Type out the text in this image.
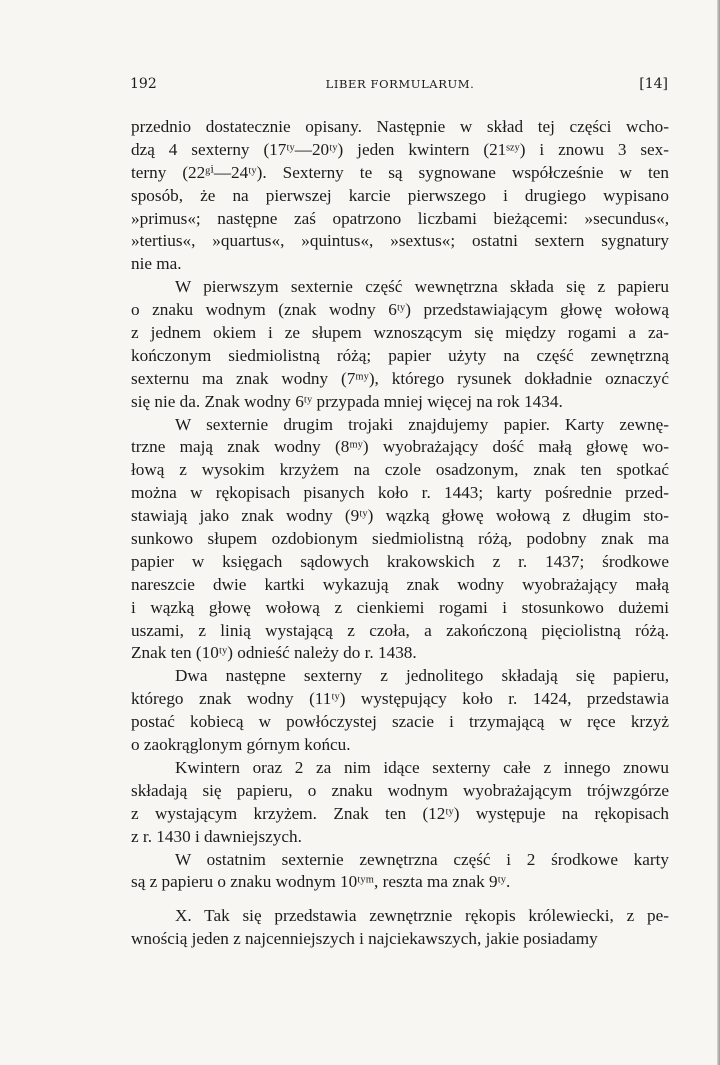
192	LIBER FORMULARUM.	[14]
przednio dostatecznie opisany. Następnie w skład tej części wcho-
dzą 4 sexterny (17ᵗʸ—20ᵗʸ) jeden kwintern (21ˢᶻʸ) i znowu 3 sex-
terny (22ᵍⁱ—24ᵗʸ). Sexterny te są sygnowane współcześnie w ten
sposób, że na pierwszej karcie pierwszego i drugiego wypisano
»primus«; następne zaś opatrzono liczbami bieżącemi: »secundus«,
»tertius«, »quartus«, »quintus«, »sextus«; ostatni sextern sygnatury
nie ma.
W pierwszym sexternie część wewnętrzna składa się z papieru
o znaku wodnym (znak wodny 6ᵗʸ) przedstawiającym głowę wołową
z jednem okiem i ze słupem wznoszącym się między rogami a za-
kończonym siedmiolistną różą; papier użyty na część zewnętrzną
sexternu ma znak wodny (7ᵐʸ), którego rysunek dokładnie oznaczyć
się nie da. Znak wodny 6ᵗʸ przypada mniej więcej na rok 1434.
W sexternie drugim trojaki znajdujemy papier. Karty zewnę-
trzne mają znak wodny (8ᵐʸ) wyobrażający dość małą głowę wo-
łową z wysokim krzyżem na czole osadzonym, znak ten spotkać
można w rękopisach pisanych koło r. 1443; karty pośrednie przed-
stawiają jako znak wodny (9ᵗʸ) wązką głowę wołową z długim sto-
sunkowo słupem ozdobionym siedmiolistną różą, podobny znak ma
papier w księgach sądowych krakowskich z r. 1437; środkowe
nareszcie dwie kartki wykazują znak wodny wyobrażający małą
i wązką głowę wołową z cienkiemi rogami i stosunkowo dużemi
uszami, z linią wystającą z czoła, a zakończoną pięciolistną różą.
Znak ten (10ᵗʸ) odnieść należy do r. 1438.
Dwa następne sexterny z jednolitego składają się papieru,
którego znak wodny (11ᵗʸ) występujący koło r. 1424, przedstawia
postać kobiecą w powłóczystej szacie i trzymającą w ręce krzyż
o zaokrąglonym górnym końcu.
Kwintern oraz 2 za nim idące sexterny całe z innego znowu
składają się papieru, o znaku wodnym wyobrażającym trójwzgórze
z wystającym krzyżem. Znak ten (12ᵗʸ) występuje na rękopisach
z r. 1430 i dawniejszych.
W ostatnim sexternie zewnętrzna część i 2 środkowe karty
są z papieru o znaku wodnym 10ᵗʸᵐ, reszta ma znak 9ᵗʸ.
X. Tak się przedstawia zewnętrznie rękopis królewiecki, z pe-
wnością jeden z najcenniejszych i najciekawszych, jakie posiadamy
